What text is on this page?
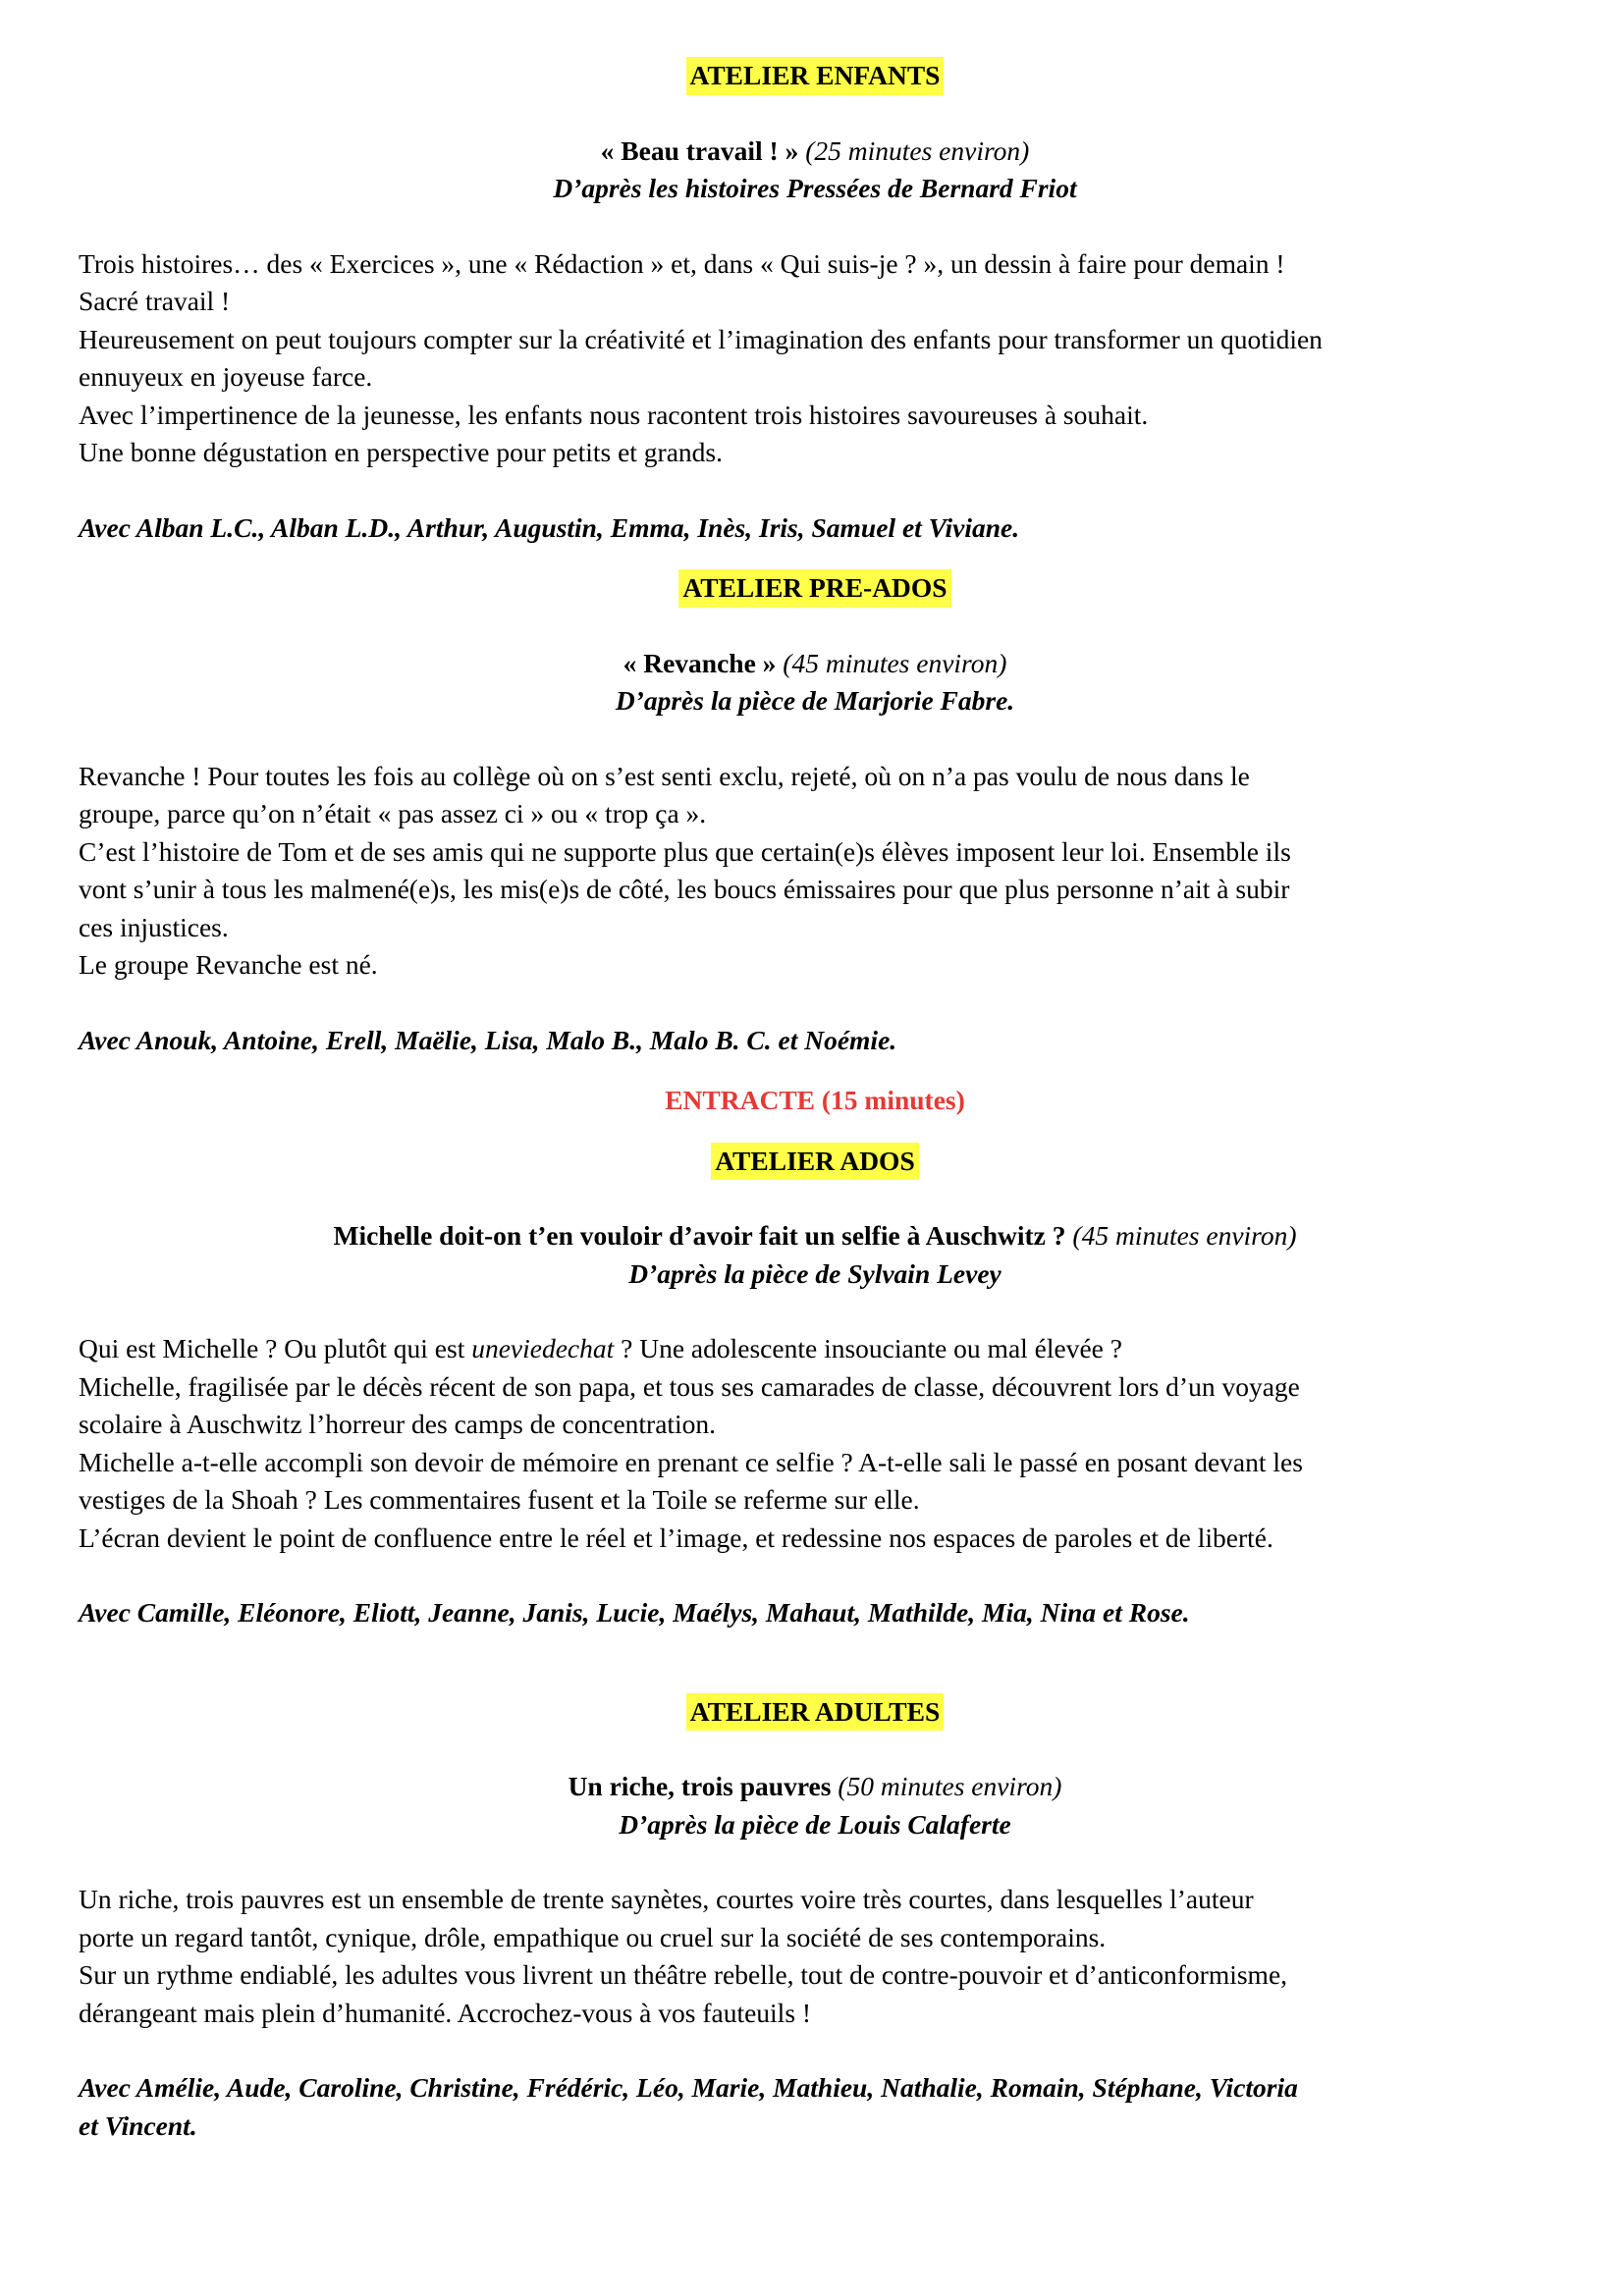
ATELIER ENFANTS

« Beau travail ! » (25 minutes environ)

D’après les histoires Pressées de Bernard Friot

Trois histoires… des « Exercices », une « Rédaction » et, dans « Qui suis-je ? », un dessin à faire pour demain !

Sacré travail !

Heureusement on peut toujours compter sur la créativité et l’imagination des enfants pour transformer un quotidien

ennuyeux en joyeuse farce.

Avec l’impertinence de la jeunesse, les enfants nous racontent trois histoires savoureuses à souhait.

Une bonne dégustation en perspective pour petits et grands.

Avec Alban L.C., Alban L.D., Arthur, Augustin, Emma, Inès, Iris, Samuel et Viviane.

ATELIER PRE-ADOS

« Revanche » (45 minutes environ)

D’après la pièce de Marjorie Fabre.

Revanche ! Pour toutes les fois au collège où on s’est senti exclu, rejeté, où on n’a pas voulu de nous dans le

groupe, parce qu’on n’était « pas assez ci » ou « trop ça ».

C’est l’histoire de Tom et de ses amis qui ne supporte plus que certain(e)s élèves imposent leur loi. Ensemble ils

vont s’unir à tous les malmené(e)s, les mis(e)s de côté, les boucs émissaires pour que plus personne n’ait à subir

ces injustices.

Le groupe Revanche est né.

Avec Anouk, Antoine, Erell, Maëlie, Lisa, Malo B., Malo B. C. et Noémie.

ENTRACTE (15 minutes)

ATELIER ADOS

Michelle doit-on t’en vouloir d’avoir fait un selfie à Auschwitz ? (45 minutes environ)

D’après la pièce de Sylvain Levey

Qui est Michelle ? Ou plutôt qui est uneviedechat ? Une adolescente insouciante ou mal élevée ?

Michelle, fragilisée par le décès récent de son papa, et tous ses camarades de classe, découvrent lors d’un voyage

scolaire à Auschwitz l’horreur des camps de concentration.

Michelle a-t-elle accompli son devoir de mémoire en prenant ce selfie ? A-t-elle sali le passé en posant devant les

vestiges de la Shoah ? Les commentaires fusent et la Toile se referme sur elle.

L’écran devient le point de confluence entre le réel et l’image, et redessine nos espaces de paroles et de liberté.

Avec Camille, Eléonore, Eliott, Jeanne, Janis, Lucie, Maélys, Mahaut, Mathilde, Mia, Nina et Rose.

ATELIER ADULTES

Un riche, trois pauvres (50 minutes environ)

D’après la pièce de Louis Calaferte

Un riche, trois pauvres est un ensemble de trente saynètes, courtes voire très courtes, dans lesquelles l’auteur

porte un regard tantôt, cynique, drôle, empathique ou cruel sur la société de ses contemporains.

Sur un rythme endiablé, les adultes vous livrent un théâtre rebelle, tout de contre-pouvoir et d’anticonformisme,

dérangeant mais plein d’humanité. Accrochez-vous à vos fauteuils !

Avec Amélie, Aude, Caroline, Christine, Frédéric, Léo, Marie, Mathieu, Nathalie, Romain, Stéphane, Victoria

et Vincent.
